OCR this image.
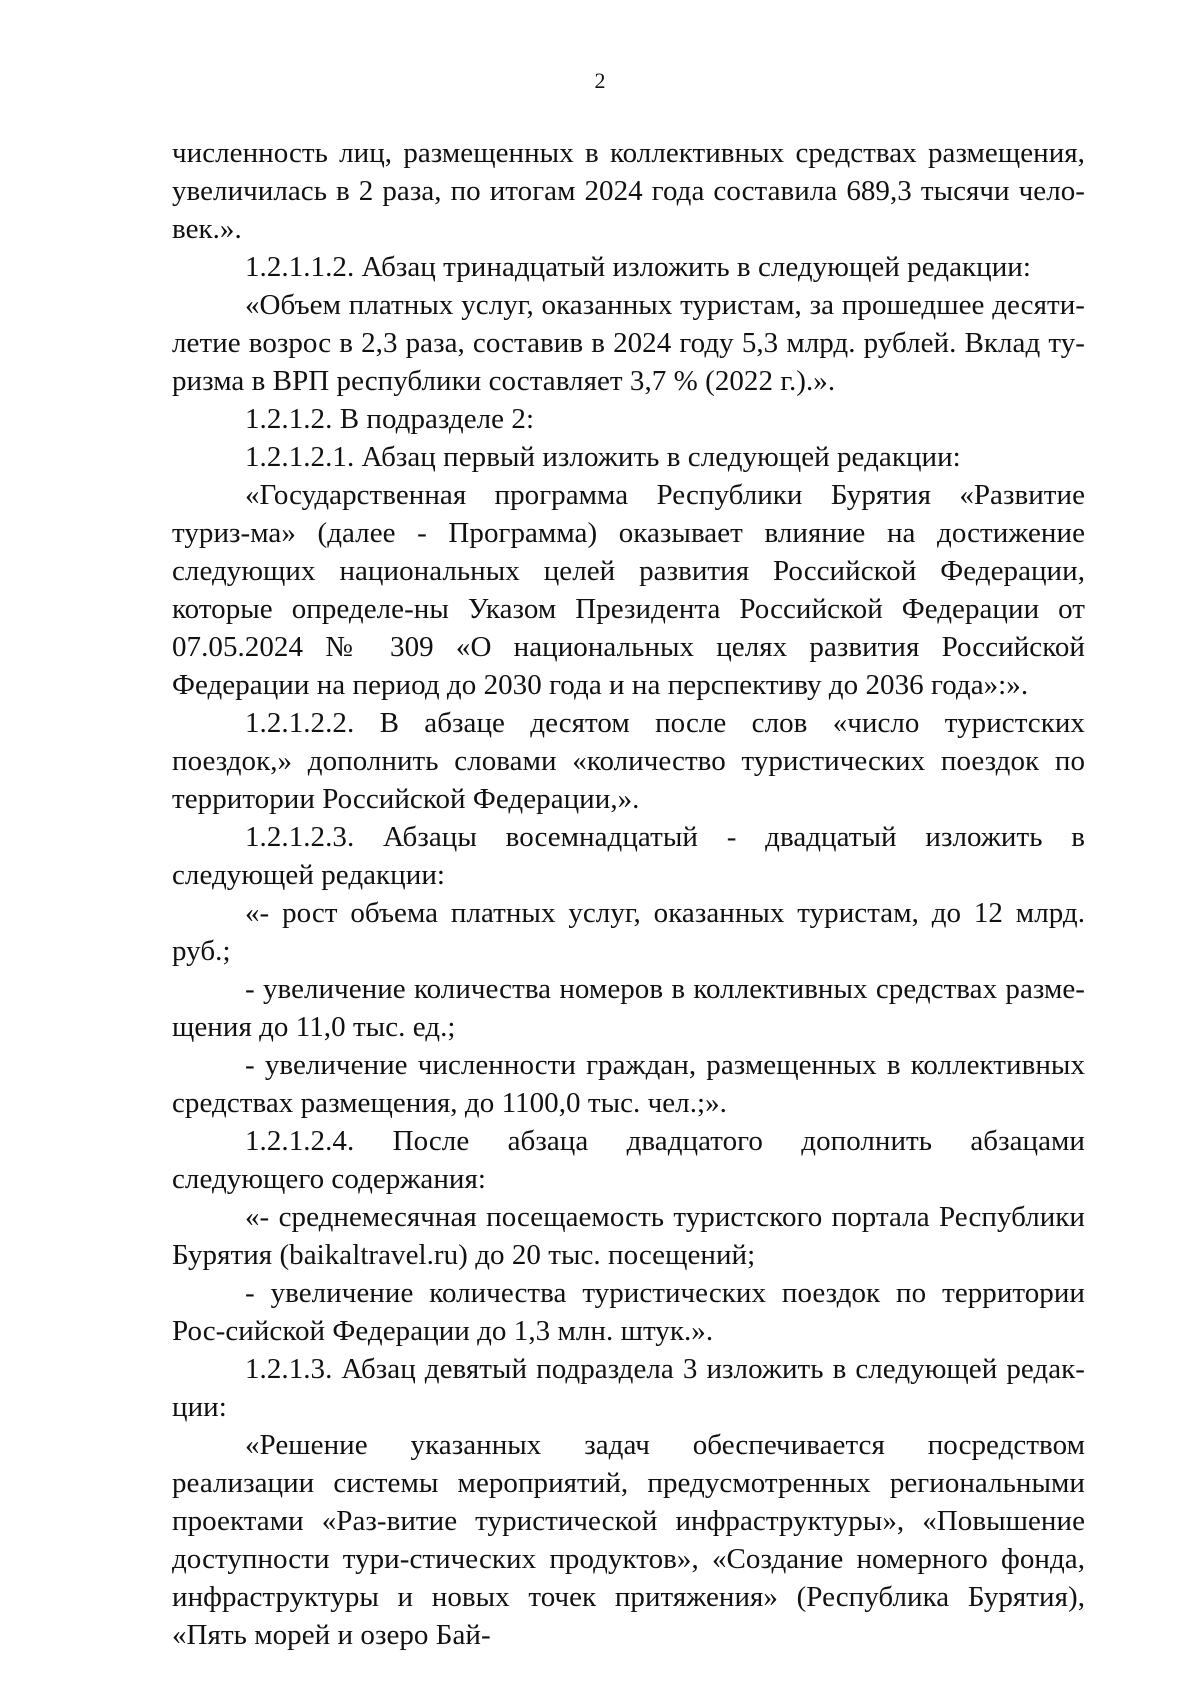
2

численность лиц, размещенных в коллективных средствах размещения, увеличилась в 2 раза, по итогам 2024 года составила 689,3 тысячи чело-век.».

1.2.1.1.2. Абзац тринадцатый изложить в следующей редакции:

«Объем платных услуг, оказанных туристам, за прошедшее десяти-летие возрос в 2,3 раза, составив в 2024 году 5,3 млрд. рублей. Вклад ту-ризма в ВРП республики составляет 3,7 % (2022 г.).».

1.2.1.2. В подразделе 2:

1.2.1.2.1. Абзац первый изложить в следующей редакции:

«Государственная программа Республики Бурятия «Развитие туриз-ма» (далее - Программа) оказывает влияние на достижение следующих национальных целей развития Российской Федерации, которые определе-ны Указом Президента Российской Федерации от 07.05.2024 № 309 «О национальных целях развития Российской Федерации на период до 2030 года и на перспективу до 2036 года»:».

1.2.1.2.2. В абзаце десятом после слов «число туристских поездок,» дополнить словами «количество туристических поездок по территории Российской Федерации,».

1.2.1.2.3. Абзацы восемнадцатый - двадцатый изложить в следующей редакции:

«- рост объема платных услуг, оказанных туристам, до 12 млрд. руб.;

- увеличение количества номеров в коллективных средствах разме-щения до 11,0 тыс. ед.;

- увеличение численности граждан, размещенных в коллективных средствах размещения, до 1100,0 тыс. чел.;».

1.2.1.2.4. После абзаца двадцатого дополнить абзацами следующего содержания:

«- среднемесячная посещаемость туристского портала Республики Бурятия (baikaltravel.ru) до 20 тыс. посещений;

- увеличение количества туристических поездок по территории Рос-сийской Федерации до 1,3 млн. штук.».

1.2.1.3. Абзац девятый подраздела 3 изложить в следующей редак-ции:

«Решение указанных задач обеспечивается посредством реализации системы мероприятий, предусмотренных региональными проектами «Раз-витие туристической инфраструктуры», «Повышение доступности тури-стических продуктов», «Создание номерного фонда, инфраструктуры и новых точек притяжения» (Республика Бурятия), «Пять морей и озеро Бай-
